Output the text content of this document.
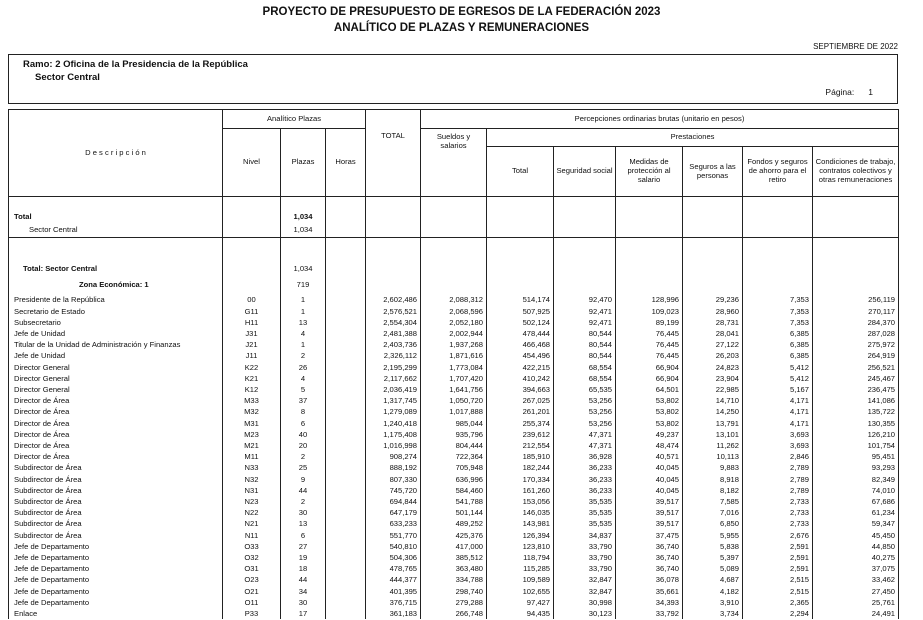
PROYECTO DE PRESUPUESTO DE EGRESOS DE LA FEDERACIÓN 2023
ANALÍTICO DE PLAZAS Y REMUNERACIONES
SEPTIEMBRE DE 2022
Ramo: 2 Oficina de la Presidencia de la República
Sector Central
Página: 1
D e s c r i p c i ó n	Analítico Plazas			TOTAL	Percepciones ordinarias brutas (unitario en pesos)						
	Nivel	Plazas	Horas		Sueldos y salarios	Prestaciones					
						Total	Seguridad social	Medidas de protección al salario	Seguros a las personas	Fondos y seguros de ahorro para el retiro	Condiciones de trabajo, contratos colectivos y otras remuneraciones

Total		1,034									
Sector Central		1,034									

Total: Sector Central		1,034									
Zona Económica: 1		719									
Presidente de la República	00	1		2,602,486	2,088,312	514,174	92,470	128,996	29,236	7,353	256,119
Secretario de Estado	G11	1		2,576,521	2,068,596	507,925	92,471	109,023	28,960	7,353	270,117
Subsecretario	H11	13		2,554,304	2,052,180	502,124	92,471	89,199	28,731	7,353	284,370
Jefe de Unidad	J31	4		2,481,388	2,002,944	478,444	80,544	76,445	28,041	6,385	287,028
Titular de la Unidad de Administración y Finanzas	J21	1		2,403,736	1,937,268	466,468	80,544	76,445	27,122	6,385	275,972
Jefe de Unidad	J11	2		2,326,112	1,871,616	454,496	80,544	76,445	26,203	6,385	264,919
Director General	K22	26		2,195,299	1,773,084	422,215	68,554	66,904	24,823	5,412	256,521
Director General	K21	4		2,117,662	1,707,420	410,242	68,554	66,904	23,904	5,412	245,467
Director General	K12	5		2,036,419	1,641,756	394,663	65,535	64,501	22,985	5,167	236,475
Director de Área	M33	37		1,317,745	1,050,720	267,025	53,256	53,802	14,710	4,171	141,086
Director de Área	M32	8		1,279,089	1,017,888	261,201	53,256	53,802	14,250	4,171	135,722
Director de Área	M31	6		1,240,418	985,044	255,374	53,256	53,802	13,791	4,171	130,355
Director de Área	M23	40		1,175,408	935,796	239,612	47,371	49,237	13,101	3,693	126,210
Director de Área	M21	20		1,016,998	804,444	212,554	47,371	48,474	11,262	3,693	101,754
Director de Área	M11	2		908,274	722,364	185,910	36,928	40,571	10,113	2,846	95,451
Subdirector de Área	N33	25		888,192	705,948	182,244	36,233	40,045	9,883	2,789	93,293
Subdirector de Área	N32	9		807,330	636,996	170,334	36,233	40,045	8,918	2,789	82,349
Subdirector de Área	N31	44		745,720	584,460	161,260	36,233	40,045	8,182	2,789	74,010
Subdirector de Área	N23	2		694,844	541,788	153,056	35,535	39,517	7,585	2,733	67,686
Subdirector de Área	N22	30		647,179	501,144	146,035	35,535	39,517	7,016	2,733	61,234
Subdirector de Área	N21	13		633,233	489,252	143,981	35,535	39,517	6,850	2,733	59,347
Subdirector de Área	N11	6		551,770	425,376	126,394	34,837	37,475	5,955	2,676	45,450
Jefe de Departamento	O33	27		540,810	417,000	123,810	33,790	36,740	5,838	2,591	44,850
Jefe de Departamento	O32	19		504,306	385,512	118,794	33,790	36,740	5,397	2,591	40,275
Jefe de Departamento	O31	18		478,765	363,480	115,285	33,790	36,740	5,089	2,591	37,075
Jefe de Departamento	O23	44		444,377	334,788	109,589	32,847	36,078	4,687	2,515	33,462
Jefe de Departamento	O21	34		401,395	298,740	102,655	32,847	35,661	4,182	2,515	27,450
Jefe de Departamento	O11	30		376,715	279,288	97,427	30,998	34,393	3,910	2,365	25,761
Enlace	P33	17		361,183	266,748	94,435	30,123	33,792	3,734	2,294	24,491
